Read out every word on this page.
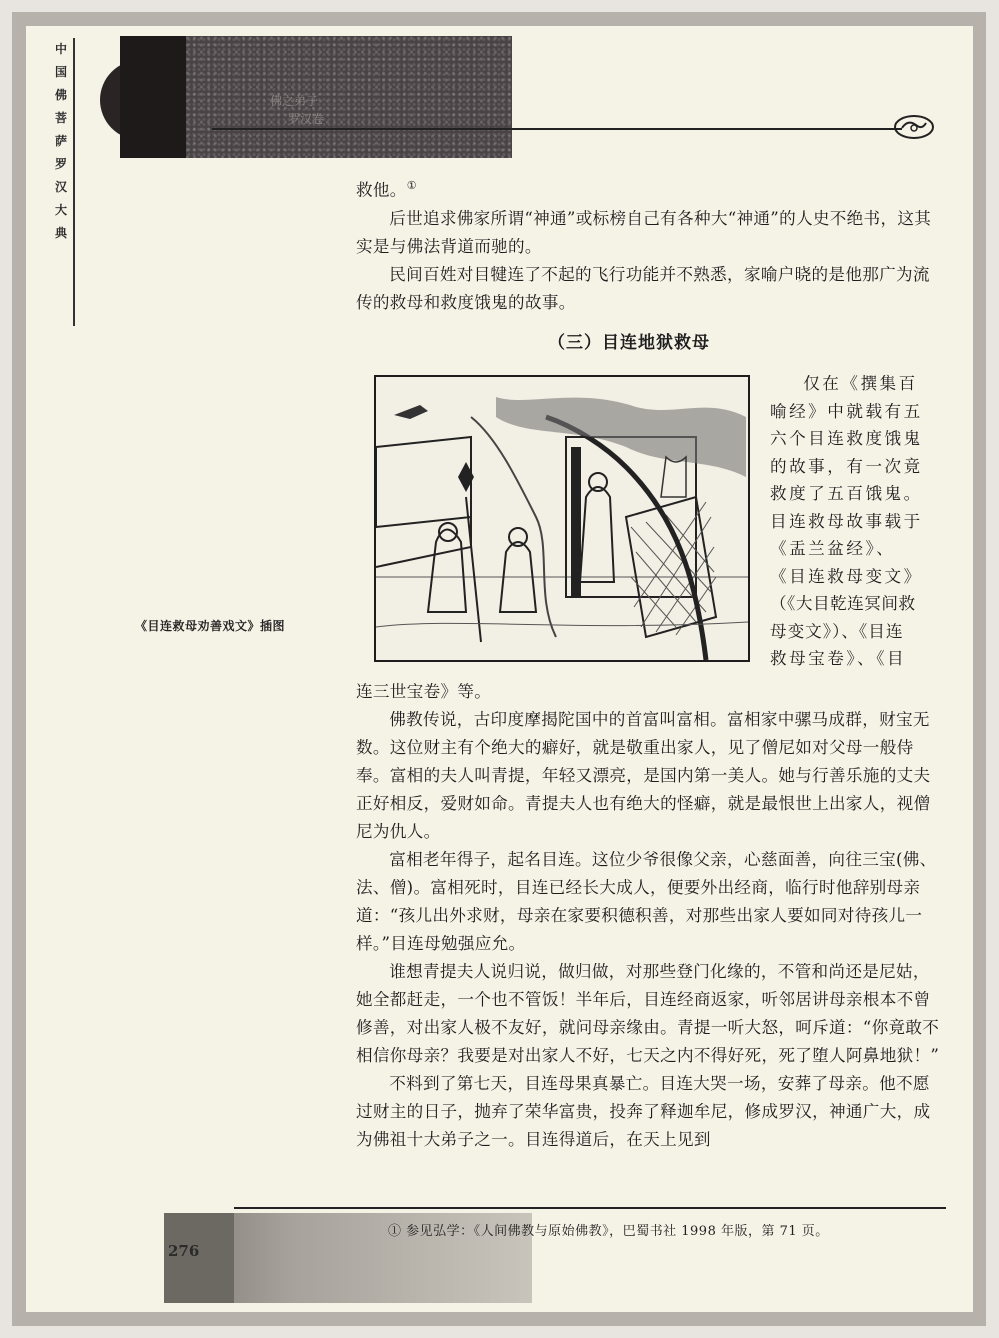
中
国
佛
菩
萨
罗
汉
大
典
佛之弟子
罗汉卷

救他。①

后世追求佛家所谓“神通”或标榜自己有各种大“神通”的人史不绝书，这其实是与佛法背道而驰的。

民间百姓对目犍连了不起的飞行功能并不熟悉，家喻户晓的是他那广为流传的救母和救度饿鬼的故事。

（三）目连地狱救母
《目连救母劝善戏文》插图

仅在《撰集百

喻经》中就载有五

六个目连救度饿鬼

的故事，有一次竟

救度了五百饿鬼。

目连救母故事载于

《盂兰盆经》、

《目连救母变文》

（《大目乾连冥间救

母变文》）、《目连

救母宝卷》、《目

连三世宝卷》等。

佛教传说，古印度摩揭陀国中的首富叫富相。富相家中骡马成群，财宝无数。这位财主有个绝大的癖好，就是敬重出家人，见了僧尼如对父母一般侍奉。富相的夫人叫青提，年轻又漂亮，是国内第一美人。她与行善乐施的丈夫正好相反，爱财如命。青提夫人也有绝大的怪癖，就是最恨世上出家人，视僧尼为仇人。

富相老年得子，起名目连。这位少爷很像父亲，心慈面善，向往三宝(佛、法、僧)。富相死时，目连已经长大成人，便要外出经商，临行时他辞别母亲道：“孩儿出外求财，母亲在家要积德积善，对那些出家人要如同对待孩儿一样。”目连母勉强应允。

谁想青提夫人说归说，做归做，对那些登门化缘的，不管和尚还是尼姑，她全都赶走，一个也不管饭！半年后，目连经商返家，听邻居讲母亲根本不曾修善，对出家人极不友好，就问母亲缘由。青提一听大怒，呵斥道：“你竟敢不相信你母亲？我要是对出家人不好，七天之内不得好死，死了堕人阿鼻地狱！”

不料到了第七天，目连母果真暴亡。目连大哭一场，安葬了母亲。他不愿过财主的日子，抛弃了荣华富贵，投奔了释迦牟尼，修成罗汉，神通广大，成为佛祖十大弟子之一。目连得道后，在天上见到

① 参见弘学：《人间佛教与原始佛教》，巴蜀书社 1998 年版，第 71 页。
276
